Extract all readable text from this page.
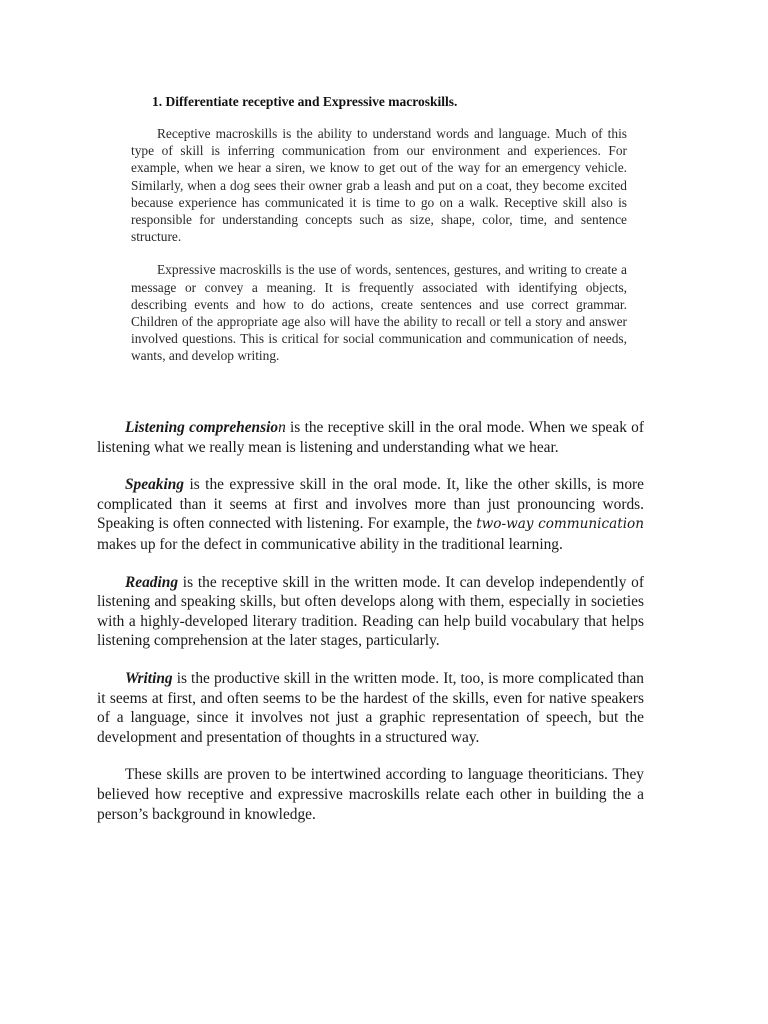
1. Differentiate receptive and Expressive macroskills.

Receptive macroskills is the ability to understand words and language. Much of this type of skill is inferring communication from our environment and experiences. For example, when we hear a siren, we know to get out of the way for an emergency vehicle. Similarly, when a dog sees their owner grab a leash and put on a coat, they become excited because experience has communicated it is time to go on a walk. Receptive skill also is responsible for understanding concepts such as size, shape, color, time, and sentence structure.

Expressive macroskills is the use of words, sentences, gestures, and writing to create a message or convey a meaning. It is frequently associated with identifying objects, describing events and how to do actions, create sentences and use correct grammar. Children of the appropriate age also will have the ability to recall or tell a story and answer involved questions. This is critical for social communication and communication of needs, wants, and develop writing.

Listening comprehension is the receptive skill in the oral mode. When we speak of listening what we really mean is listening and understanding what we hear.

Speaking is the expressive skill in the oral mode. It, like the other skills, is more complicated than it seems at first and involves more than just pronouncing words. Speaking is often connected with listening. For example, the two-way communication makes up for the defect in communicative ability in the traditional learning.

Reading is the receptive skill in the written mode. It can develop independently of listening and speaking skills, but often develops along with them, especially in societies with a highly-developed literary tradition. Reading can help build vocabulary that helps listening comprehension at the later stages, particularly.

Writing is the productive skill in the written mode. It, too, is more complicated than it seems at first, and often seems to be the hardest of the skills, even for native speakers of a language, since it involves not just a graphic representation of speech, but the development and presentation of thoughts in a structured way.

These skills are proven to be intertwined according to language theoriticians. They believed how receptive and expressive macroskills relate each other in building the a person’s background in knowledge.
